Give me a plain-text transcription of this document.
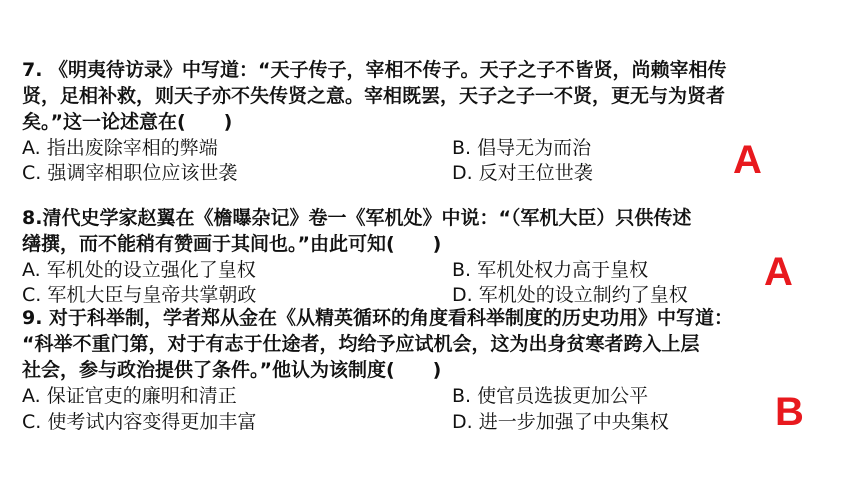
7. 《明夷待访录》中写道：“天子传子，宰相不传子。天子之子不皆贤，尚赖宰相传
贤，足相补救，则天子亦不失传贤之意。宰相既罢，天子之子一不贤，更无与为贤者
矣。”这一论述意在(　　)
A. 指出废除宰相的弊端	B. 倡导无为而治
C. 强调宰相职位应该世袭	D. 反对王位世袭	A
8.清代史学家赵翼在《檐曝杂记》卷一《军机处》中说：“（军机大臣）只供传述
缮撰，而不能稍有赞画于其间也。”由此可知(　　)
A. 军机处的设立强化了皇权	B. 军机处权力高于皇权
C. 军机大臣与皇帝共掌朝政	D. 军机处的设立制约了皇权
A
9. 对于科举制，学者郑从金在《从精英循环的角度看科举制度的历史功用》中写道：
“科举不重门第，对于有志于仕途者，均给予应试机会，这为出身贫寒者跨入上层
社会，参与政治提供了条件。”他认为该制度(　　)
A. 保证官吏的廉明和清正	B. 使官员选拔更加公平
C. 使考试内容变得更加丰富	D. 进一步加强了中央集权	B
